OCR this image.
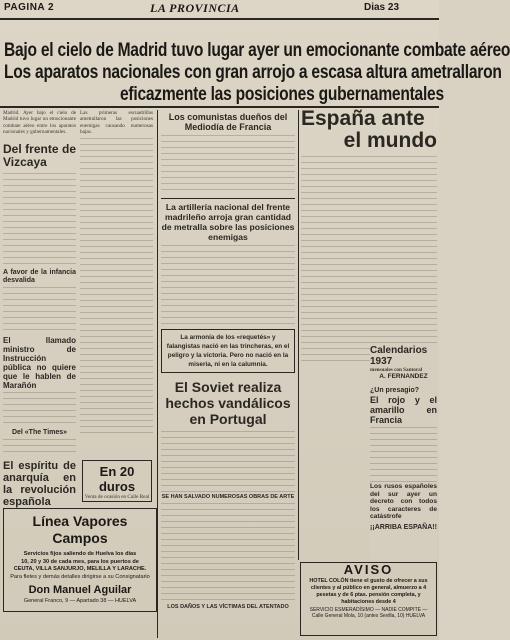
PAGINA 2	LA PROVINCIA	Dias 23
Bajo el cielo de Madrid tuvo lugar ayer un emocionante combate aéreo
Los aparatos nacionales con gran arrojo a escasa altura ametrallaron
eficazmente las posiciones gubernamentales
Madrid. Ayer bajo el cielo de Madrid tuvo lugar un emocionante combate aéreo entre los aparatos nacionales y gubernamentales.
Del frente de Vizcaya
A favor de la infancia desvalida
El llamado ministro de Instrucción pública no quiere que le hablen de Marañón
Del «The Times»
El espíritu de anarquía en la revolución española
Las primeras escuadrillas ametrallaron las posiciones enemigas causando numerosas bajas.
En 20 duros
Venta de ocasión en Calle Real
Línea Vapores Campos
Servicios fijos saliendo de Huelva los días
10, 20 y 30 de cada mes, para los puertos de
CEUTA, VILLA SANJURJO, MELILLA Y LARACHE.
Para fletes y demás detalles dirigirse a su Consignatario
Don Manuel Aguilar
General Franco, 9 — Apartado 38 — HUELVA
Los comunistas dueños del Mediodía de Francia
La artillería nacional del frente madrileño arroja gran cantidad de metralla sobre las posiciones enemigas
La armonía de los «requetés» y falangistas nació en las trincheras, en el peligro y la victoria. Pero no nació en la miseria, ni en la calumnia.
El Soviet realiza hechos vandálicos en Portugal
SE HAN SALVADO NUMEROSAS OBRAS DE ARTE
LOS DAÑOS Y LAS VÍCTIMAS DEL ATENTADO
España ante
el mundo
Calendarios 1937
mensuales con Santoral
A. FERNANDEZ
¿Un presagio?
El rojo y el amarillo en Francia
Los rusos españoles del sur ayer un decreto con todos los caracteres de catástrofe
¡¡ARRIBA ESPAÑA!!
AVISO
HOTEL COLÓN tiene el gusto de ofrecer a sus clientes y al público en general, almuerzo a 4 pesetas y de 6 ptas. pensión completa, y habitaciones desde 4
SERVICIO ESMERADÍSIMO — NADIE COMPITE — Calle General Mola, 10 (antes Sevilla, 10) HUELVA
